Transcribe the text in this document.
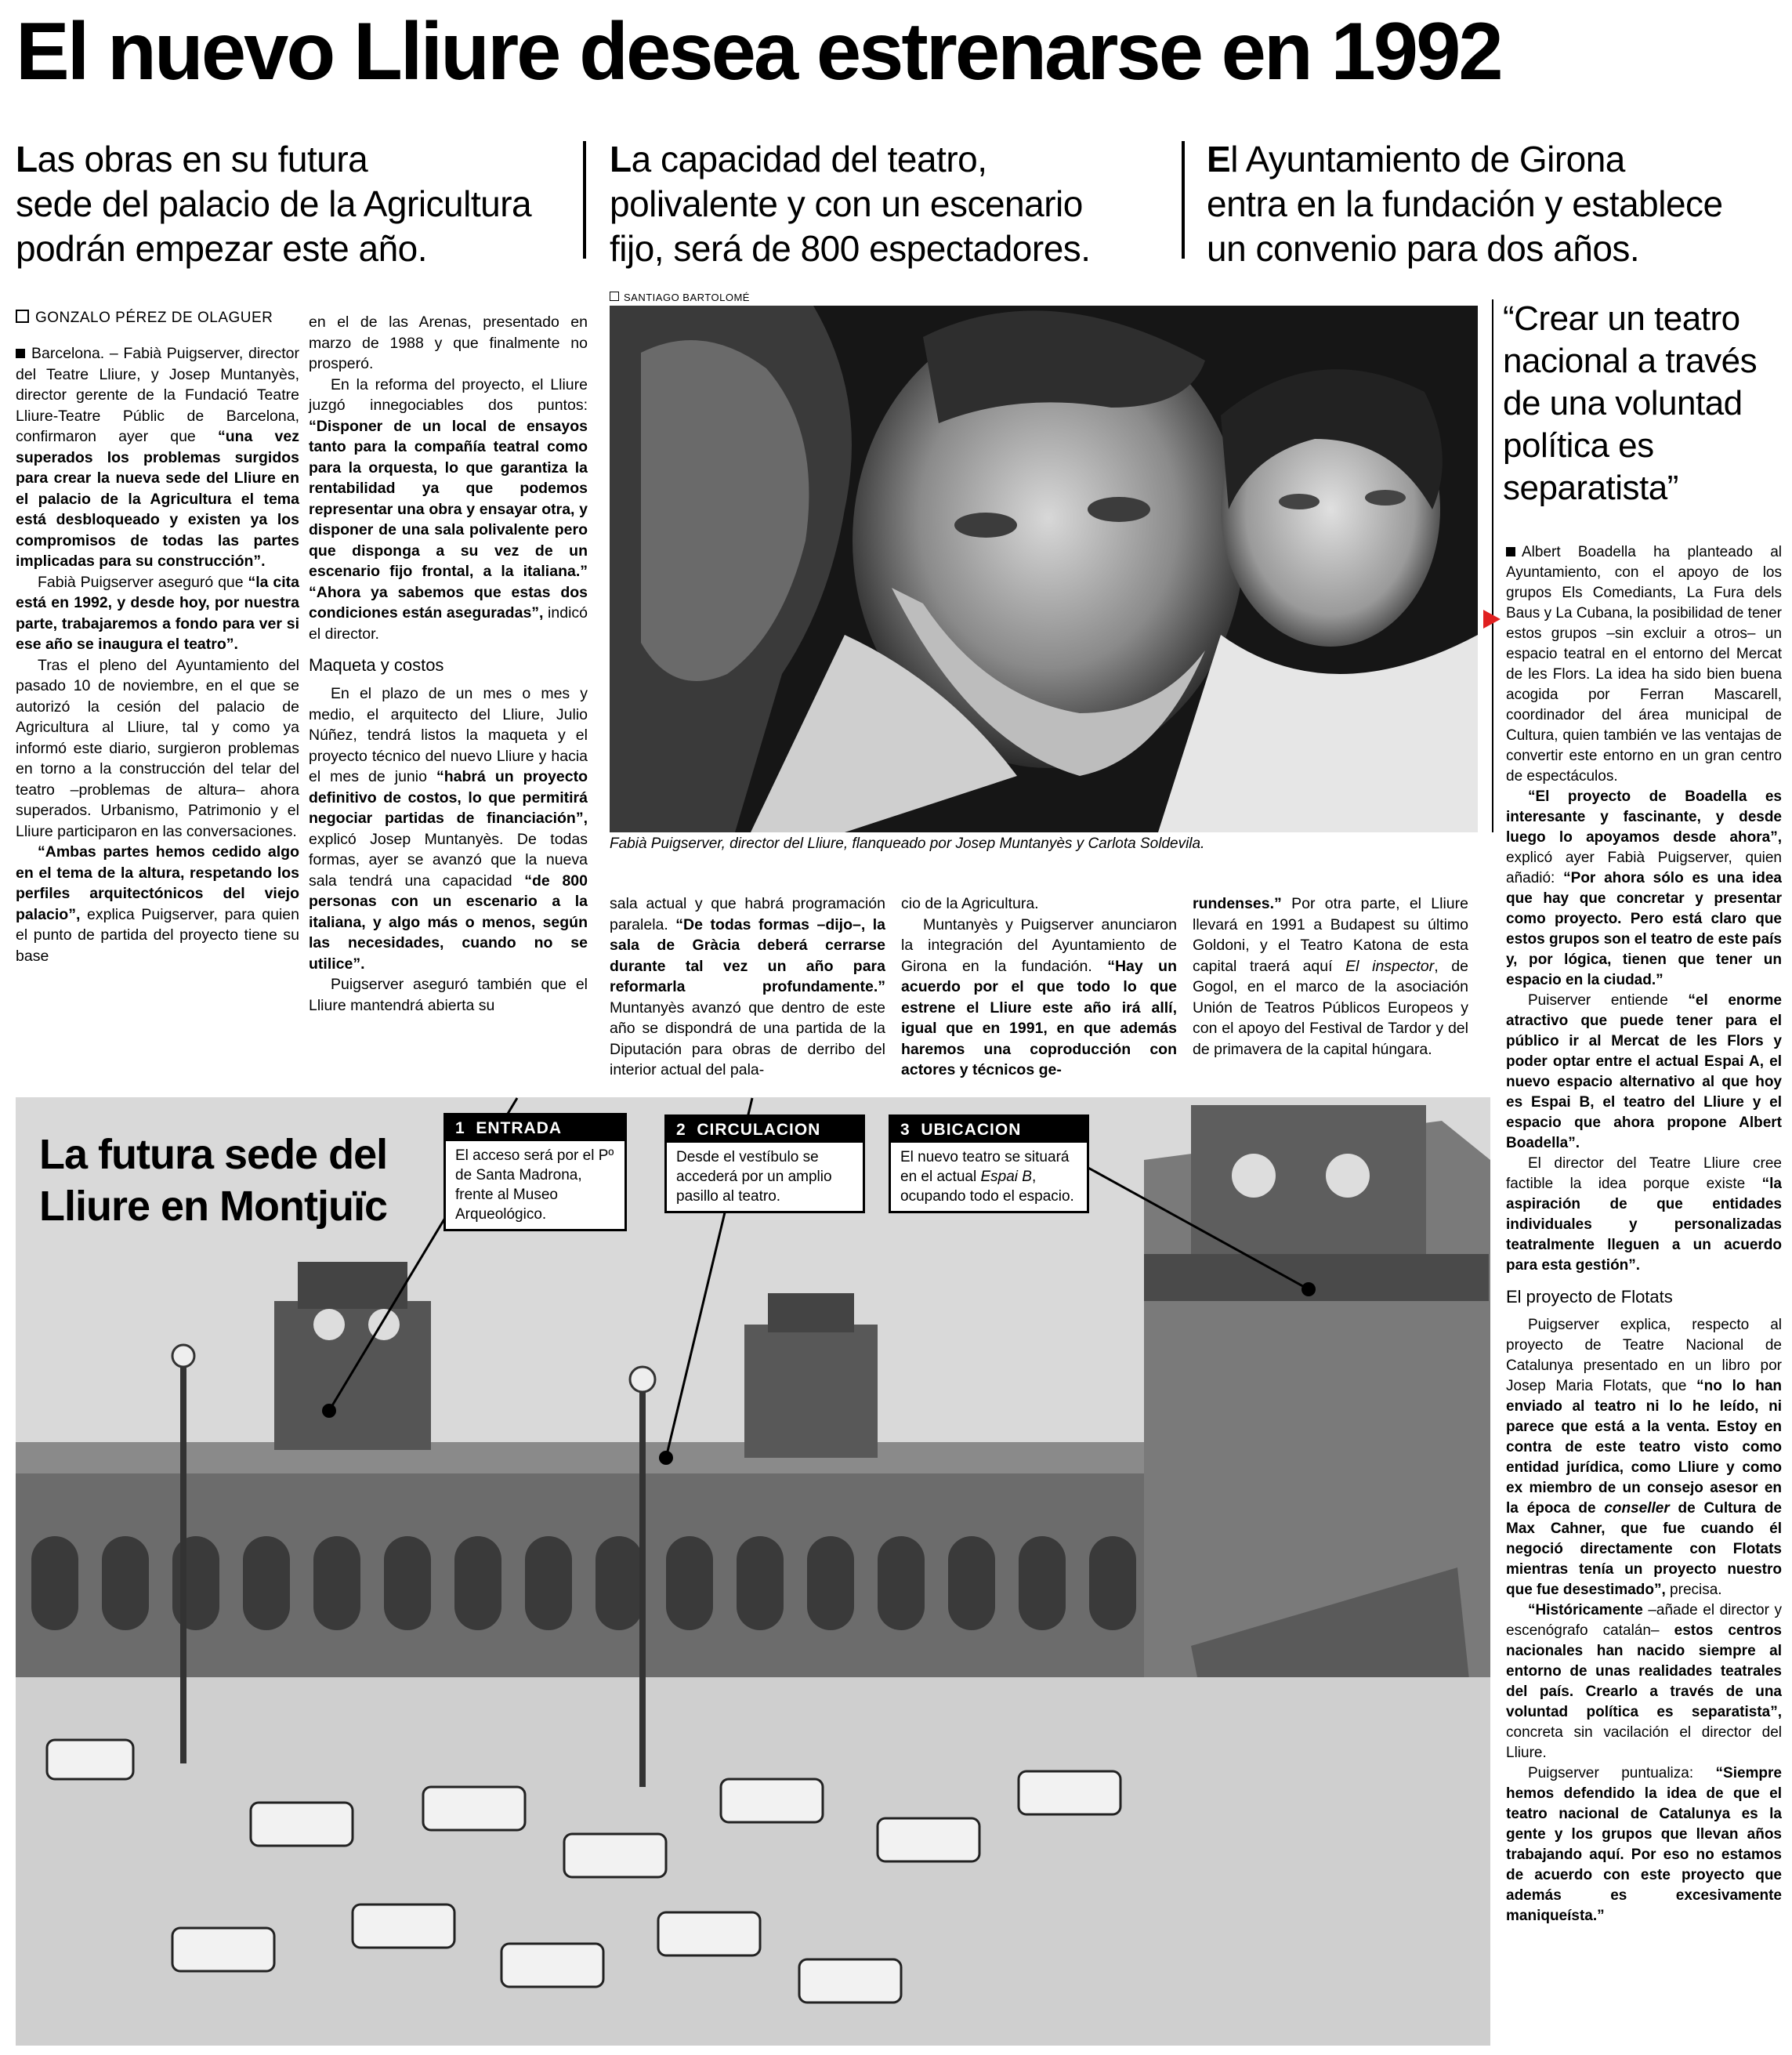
El nuevo Lliure desea estrenarse en 1992
Las obras en su futura
sede del palacio de la Agricultura
podrán empezar este año.
La capacidad del teatro,
polivalente y con un escenario
fijo, será de 800 espectadores.
El Ayuntamiento de Girona
entra en la fundación y establece
un convenio para dos años.
GONZALO PÉREZ DE OLAGUER

Barcelona. – Fabià Puigserver, director del Teatre Lliure, y Josep Muntanyès, director gerente de la Fundació Teatre Lliure-Teatre Públic de Barcelona, confirmaron ayer que “una vez superados los problemas surgidos para crear la nueva sede del Lliure en el palacio de la Agricultura el tema está desbloqueado y existen ya los compromisos de todas las partes implicadas para su construcción”.

Fabià Puigserver aseguró que “la cita está en 1992, y desde hoy, por nuestra parte, trabajaremos a fondo para ver si ese año se inaugura el teatro”.

Tras el pleno del Ayuntamiento del pasado 10 de noviembre, en el que se autorizó la cesión del palacio de Agricultura al Lliure, tal y como ya informó este diario, surgieron problemas en torno a la construcción del telar del teatro –problemas de altura– ahora superados. Urbanismo, Patrimonio y el Lliure participaron en las conversaciones.

“Ambas partes hemos cedido algo en el tema de la altura, respetando los perfiles arquitectónicos del viejo palacio”, explica Puigserver, para quien el punto de partida del proyecto tiene su base

en el de las Arenas, presentado en marzo de 1988 y que finalmente no prosperó.

En la reforma del proyecto, el Lliure juzgó innegociables dos puntos: “Disponer de un local de ensayos tanto para la compañía teatral como para la orquesta, lo que garantiza la rentabilidad ya que podemos representar una obra y ensayar otra, y disponer de una sala polivalente pero que disponga a su vez de un escenario fijo frontal, a la italiana.” “Ahora ya sabemos que estas dos condiciones están aseguradas”, indicó el director.

Maqueta y costos

En el plazo de un mes o mes y medio, el arquitecto del Lliure, Julio Núñez, tendrá listos la maqueta y el proyecto técnico del nuevo Lliure y hacia el mes de junio “habrá un proyecto definitivo de costos, lo que permitirá negociar partidas de financiación”, explicó Josep Muntanyès. De todas formas, ayer se avanzó que la nueva sala tendrá una capacidad “de 800 personas con un escenario a la italiana, y algo más o menos, según las necesidades, cuando no se utilice”.

Puigserver aseguró también que el Lliure mantendrá abierta su

SANTIAGO BARTOLOMÉ
Fabià Puigserver, director del Lliure, flanqueado por Josep Muntanyès y Carlota Soldevila.

sala actual y que habrá programación paralela. “De todas formas –dijo–, la sala de Gràcia deberá cerrarse durante tal vez un año para reformarla profundamente.” Muntanyès avanzó que dentro de este año se dispondrá de una partida de la Diputación para obras de derribo del interior actual del pala-

cio de la Agricultura.

Muntanyès y Puigserver anunciaron la integración del Ayuntamiento de Girona en la fundación. “Hay un acuerdo por el que todo lo que estrene el Lliure este año irá allí, igual que en 1991, en que además haremos una coproducción con actores y técnicos ge-

rundenses.” Por otra parte, el Lliure llevará en 1991 a Budapest su último Goldoni, y el Teatro Katona de esta capital traerá aquí El inspector, de Gogol, en el marco de la asociación Unión de Teatros Públicos Europeos y con el apoyo del Festival de Tardor y del de primavera de la capital húngara.

“Crear un teatro nacional a través de una voluntad política es separatista”

Albert Boadella ha planteado al Ayuntamiento, con el apoyo de los grupos Els Comediants, La Fura dels Baus y La Cubana, la posibilidad de tener estos grupos –sin excluir a otros– un espacio teatral en el entorno del Mercat de les Flors. La idea ha sido bien buena acogida por Ferran Mascarell, coordinador del área municipal de Cultura, quien también ve las ventajas de convertir este entorno en un gran centro de espectáculos.

“El proyecto de Boadella es interesante y fascinante, y desde luego lo apoyamos desde ahora”, explicó ayer Fabià Puigserver, quien añadió: “Por ahora sólo es una idea que hay que concretar y presentar como proyecto. Pero está claro que estos grupos son el teatro de este país y, por lógica, tienen que tener un espacio en la ciudad.”

Puiserver entiende “el enorme atractivo que puede tener para el público ir al Mercat de les Flors y poder optar entre el actual Espai A, el nuevo espacio alternativo al que hoy es Espai B, el teatro del Lliure y el espacio que ahora propone Albert Boadella”.

El director del Teatre Lliure cree factible la idea porque existe “la aspiración de que entidades individuales y personalizadas teatralmente lleguen a un acuerdo para esta gestión”.

El proyecto de Flotats

Puigserver explica, respecto al proyecto de Teatre Nacional de Catalunya presentado en un libro por Josep Maria Flotats, que “no lo han enviado al teatro ni lo he leído, ni parece que está a la venta. Estoy en contra de este teatro visto como entidad jurídica, como Lliure y como ex miembro de un consejo asesor en la época de conseller de Cultura de Max Cahner, que fue cuando él negoció directamente con Flotats mientras tenía un proyecto nuestro que fue desestimado”, precisa.

“Históricamente –añade el director y escenógrafo catalán– estos centros nacionales han nacido siempre al entorno de unas realidades teatrales del país. Crearlo a través de una voluntad política es separatista”, concreta sin vacilación el director del Lliure.

Puigserver puntualiza: “Siempre hemos defendido la idea de que el teatro nacional de Catalunya es la gente y los grupos que llevan años trabajando aquí. Por eso no estamos de acuerdo con este proyecto que además es excesivamente maniqueísta.”

La futura sede del
Lliure en Montjuïc
1 ENTRADA
El acceso será por el Pº de Santa Madrona, frente al Museo Arqueológico.
2 CIRCULACION
Desde el vestíbulo se accederá por un amplio pasillo al teatro.
3 UBICACION
El nuevo teatro se situará en el actual Espai B, ocupando todo el espacio.
